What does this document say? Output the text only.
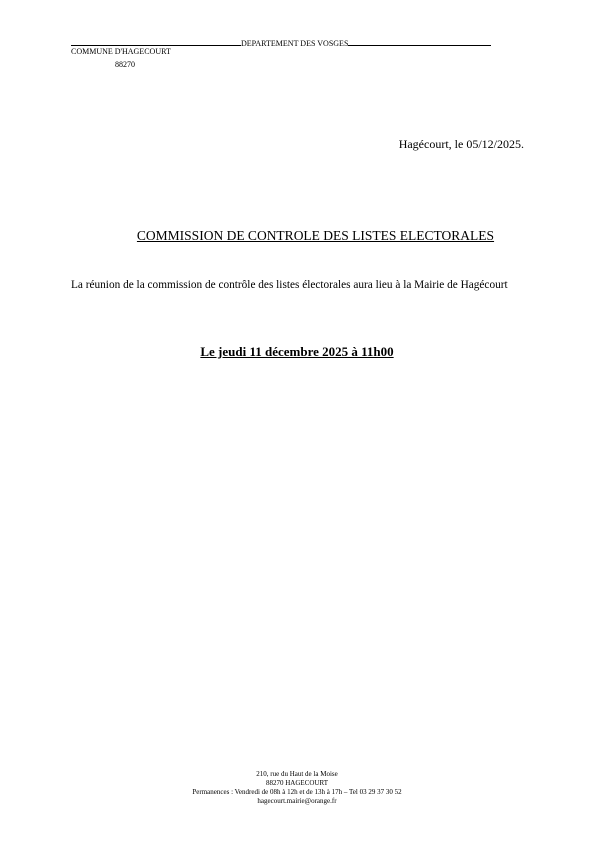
DEPARTEMENT DES VOSGES
COMMUNE D'HAGECOURT
88270
Hagécourt, le 05/12/2025.
COMMISSION DE CONTROLE DES LISTES ELECTORALES
La réunion de la commission de contrôle des listes électorales aura lieu à la Mairie de Hagécourt
Le jeudi 11 décembre 2025 à 11h00
210, rue du Haut de la Moise
88270 HAGECOURT
Permanences : Vendredi de 08h à 12h et de 13h à 17h – Tel 03 29 37 30 52
hagecourt.mairie@orange.fr
